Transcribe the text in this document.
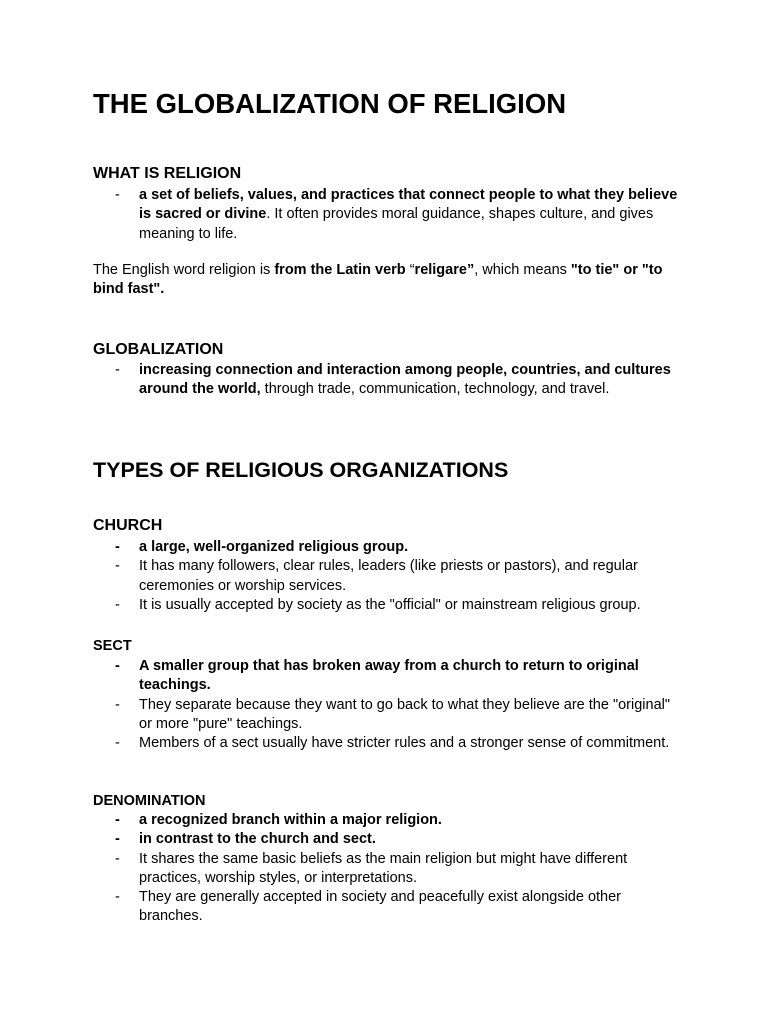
THE GLOBALIZATION OF RELIGION
WHAT IS RELIGION
- a set of beliefs, values, and practices that connect people to what they believe is sacred or divine. It often provides moral guidance, shapes culture, and gives meaning to life.

The English word religion is from the Latin verb “religare”, which means "to tie" or "to bind fast".

GLOBALIZATION
- increasing connection and interaction among people, countries, and cultures around the world, through trade, communication, technology, and travel.
TYPES OF RELIGIOUS ORGANIZATIONS
CHURCH
- a large, well-organized religious group.
- It has many followers, clear rules, leaders (like priests or pastors), and regular ceremonies or worship services.
- It is usually accepted by society as the "official" or mainstream religious group.
SECT
- A smaller group that has broken away from a church to return to original teachings.
- They separate because they want to go back to what they believe are the "original" or more "pure" teachings.
- Members of a sect usually have stricter rules and a stronger sense of commitment.
DENOMINATION
- a recognized branch within a major religion.
- in contrast to the church and sect.
- It shares the same basic beliefs as the main religion but might have different practices, worship styles, or interpretations.
- They are generally accepted in society and peacefully exist alongside other branches.
